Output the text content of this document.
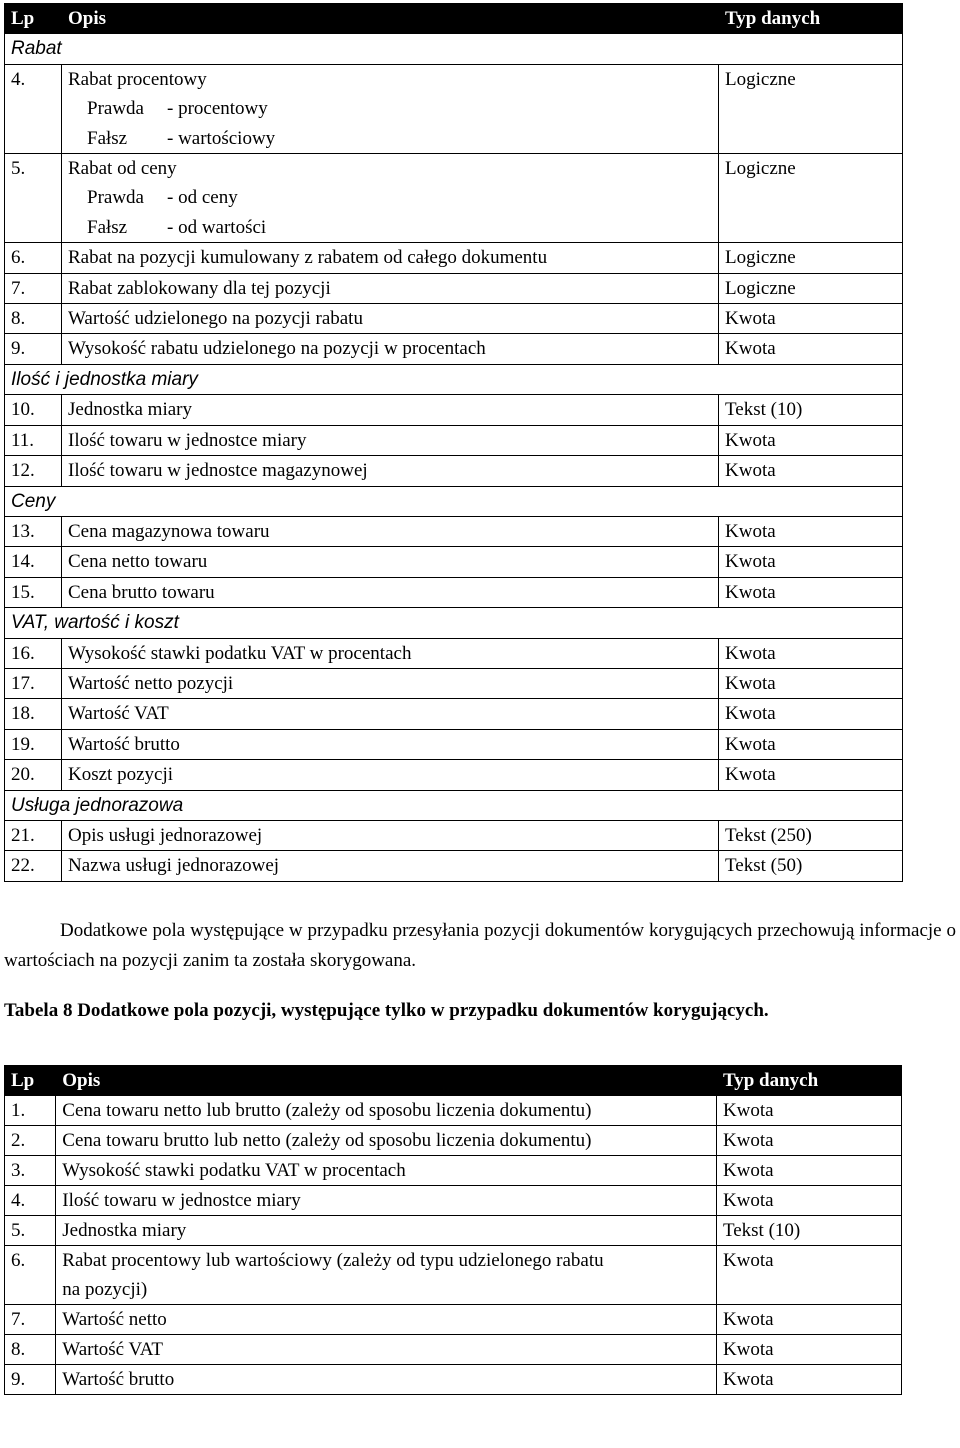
Lp	Opis	Typ danych
Rabat		
4.	Rabat procentowy
Prawda - procentowy
Fałsz - wartościowy	Logiczne
5.	Rabat od ceny
Prawda - od ceny
Fałsz - od wartości	Logiczne
6.	Rabat na pozycji kumulowany z rabatem od całego dokumentu	Logiczne
7.	Rabat zablokowany dla tej pozycji	Logiczne
8.	Wartość udzielonego na pozycji rabatu	Kwota
9.	Wysokość rabatu udzielonego na pozycji w procentach	Kwota
Ilość i jednostka miary		
10.	Jednostka miary	Tekst (10)
11.	Ilość towaru w jednostce miary	Kwota
12.	Ilość towaru w jednostce magazynowej	Kwota
Ceny		
13.	Cena magazynowa towaru	Kwota
14.	Cena netto towaru	Kwota
15.	Cena brutto towaru	Kwota
VAT, wartość i koszt		
16.	Wysokość stawki podatku VAT w procentach	Kwota
17.	Wartość netto pozycji	Kwota
18.	Wartość VAT	Kwota
19.	Wartość brutto	Kwota
20.	Koszt pozycji	Kwota
Usługa jednorazowa		
21.	Opis usługi jednorazowej	Tekst (250)
22.	Nazwa usługi jednorazowej	Tekst (50)

Dodatkowe pola występujące w przypadku przesyłania pozycji dokumentów korygujących przechowują informacje o wartościach na pozycji zanim ta została skorygowana.

Tabela 8 Dodatkowe pola pozycji, występujące tylko w przypadku dokumentów korygujących.

Lp	Opis	Typ danych
1.	Cena towaru netto lub brutto (zależy od sposobu liczenia dokumentu)	Kwota
2.	Cena towaru brutto lub netto (zależy od sposobu liczenia dokumentu)	Kwota
3.	Wysokość stawki podatku VAT w procentach	Kwota
4.	Ilość towaru w jednostce miary	Kwota
5.	Jednostka miary	Tekst (10)
6.	Rabat procentowy lub wartościowy (zależy od typu udzielonego rabatu na pozycji)	Kwota
7.	Wartość netto	Kwota
8.	Wartość VAT	Kwota
9.	Wartość brutto	Kwota
